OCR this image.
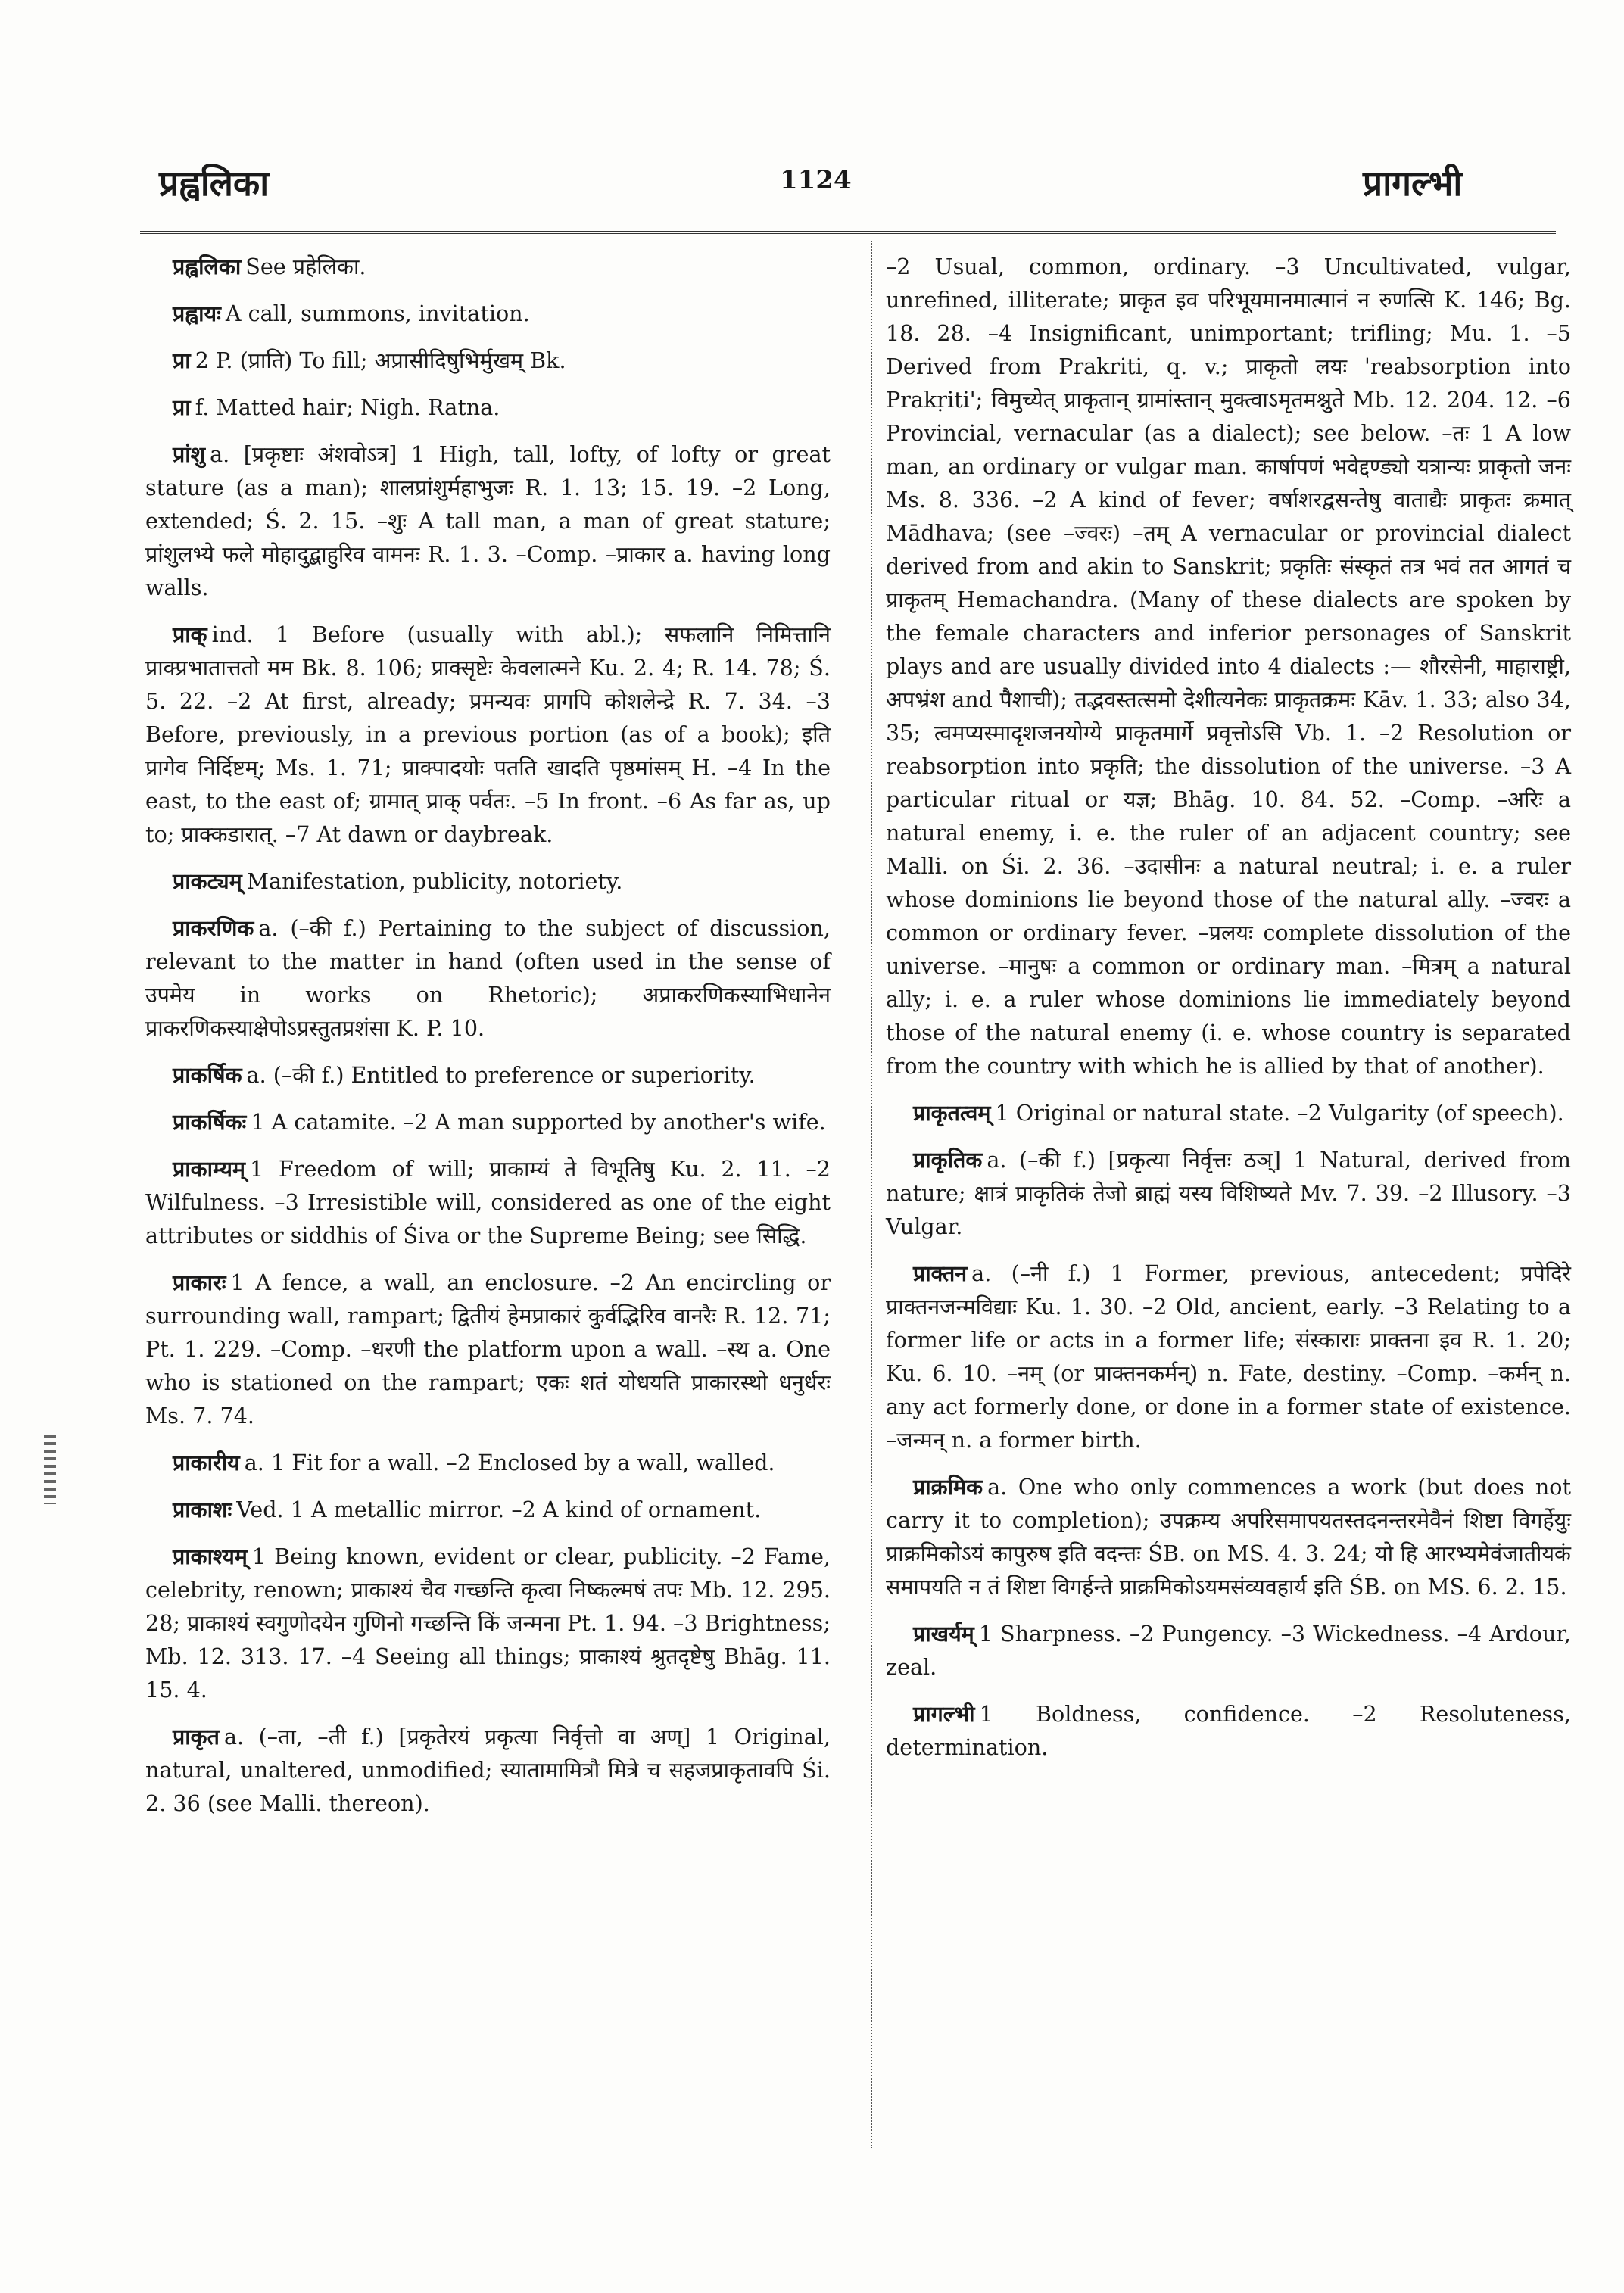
प्रह्वलिका	1124	प्रागल्भी

प्रह्वलिका See प्रहेलिका.

प्रह्वायः A call, summons, invitation.

प्रा 2 P. (प्राति) To fill; अप्रासीदिषुभिर्मुखम् Bk.

प्रा f. Matted hair; Nigh. Ratna.

प्रांशु a. [प्रकृष्टाः अंशवोऽत्र] 1 High, tall, lofty, of lofty or great stature (as a man); शालप्रांशुर्महाभुजः R. 1. 13; 15. 19. –2 Long, extended; Ś. 2. 15. –शुः A tall man, a man of great stature; प्रांशुलभ्ये फले मोहादुद्बाहुरिव वामनः R. 1. 3. –Comp. –प्राकार a. having long walls.

प्राक् ind. 1 Before (usually with abl.); सफलानि निमित्तानि प्राक्प्रभातात्ततो मम Bk. 8. 106; प्राक्सृष्टेः केवलात्मने Ku. 2. 4; R. 14. 78; Ś. 5. 22. –2 At first, already; प्रमन्यवः प्रागपि कोशलेन्द्रे R. 7. 34. –3 Before, previously, in a previous portion (as of a book); इति प्रागेव निर्दिष्टम्; Ms. 1. 71; प्राक्पादयोः पतति खादति पृष्ठमांसम् H. –4 In the east, to the east of; ग्रामात् प्राक् पर्वतः. –5 In front. –6 As far as, up to; प्राक्कडारात्. –7 At dawn or daybreak.

प्राकट्यम् Manifestation, publicity, notoriety.

प्राकरणिक a. (–की f.) Pertaining to the subject of discussion, relevant to the matter in hand (often used in the sense of उपमेय in works on Rhetoric); अप्राकरणिकस्याभिधानेन प्राकरणिकस्याक्षेपोऽप्रस्तुतप्रशंसा K. P. 10.

प्राकर्षिक a. (–की f.) Entitled to preference or superiority.

प्राकर्षिकः 1 A catamite. –2 A man supported by another's wife.

प्राकाम्यम् 1 Freedom of will; प्राकाम्यं ते विभूतिषु Ku. 2. 11. –2 Wilfulness. –3 Irresistible will, considered as one of the eight attributes or siddhis of Śiva or the Supreme Being; see सिद्धि.

प्राकारः 1 A fence, a wall, an enclosure. –2 An encircling or surrounding wall, rampart; द्वितीयं हेमप्राकारं कुर्वद्भिरिव वानरैः R. 12. 71; Pt. 1. 229. –Comp. –धरणी the platform upon a wall. –स्थ a. One who is stationed on the rampart; एकः शतं योधयति प्राकारस्थो धनुर्धरः Ms. 7. 74.

प्राकारीय a. 1 Fit for a wall. –2 Enclosed by a wall, walled.

प्राकाशः Ved. 1 A metallic mirror. –2 A kind of ornament.

प्राकाश्यम् 1 Being known, evident or clear, publicity. –2 Fame, celebrity, renown; प्राकाश्यं चैव गच्छन्ति कृत्वा निष्कल्मषं तपः Mb. 12. 295. 28; प्राकाश्यं स्वगुणोदयेन गुणिनो गच्छन्ति किं जन्मना Pt. 1. 94. –3 Brightness; Mb. 12. 313. 17. –4 Seeing all things; प्राकाश्यं श्रुतदृष्टेषु Bhāg. 11. 15. 4.

प्राकृत a. (–ता, –ती f.) [प्रकृतेरयं प्रकृत्या निर्वृत्तो वा अण्] 1 Original, natural, unaltered, unmodified; स्यातामामित्रौ मित्रे च सहजप्राकृतावपि Śi. 2. 36 (see Malli. thereon).

–2 Usual, common, ordinary. –3 Uncultivated, vulgar, unrefined, illiterate; प्राकृत इव परिभूयमानमात्मानं न रुणत्सि K. 146; Bg. 18. 28. –4 Insignificant, unimportant; trifling; Mu. 1. –5 Derived from Prakriti, q. v.; प्राकृतो लयः 'reabsorption into Prakṛiti'; विमुच्येत् प्राकृतान् ग्रामांस्तान् मुक्त्वाऽमृतमश्नुते Mb. 12. 204. 12. –6 Provincial, vernacular (as a dialect); see below. –तः 1 A low man, an ordinary or vulgar man. कार्षापणं भवेद्दण्ड्यो यत्रान्यः प्राकृतो जनः Ms. 8. 336. –2 A kind of fever; वर्षाशरद्वसन्तेषु वाताद्यैः प्राकृतः क्रमात् Mādhava; (see –ज्वरः) –तम् A vernacular or provincial dialect derived from and akin to Sanskrit; प्रकृतिः संस्कृतं तत्र भवं तत आगतं च प्राकृतम् Hemachandra. (Many of these dialects are spoken by the female characters and inferior personages of Sanskrit plays and are usually divided into 4 dialects :— शौरसेनी, माहाराष्ट्री, अपभ्रंश and पैशाची); तद्भवस्तत्समो देशीत्यनेकः प्राकृतक्रमः Kāv. 1. 33; also 34, 35; त्वमप्यस्मादृशजनयोग्ये प्राकृतमार्गे प्रवृत्तोऽसि Vb. 1. –2 Resolution or reabsorption into प्रकृति; the dissolution of the universe. –3 A particular ritual or यज्ञ; Bhāg. 10. 84. 52. –Comp. –अरिः a natural enemy, i. e. the ruler of an adjacent country; see Malli. on Śi. 2. 36. –उदासीनः a natural neutral; i. e. a ruler whose dominions lie beyond those of the natural ally. –ज्वरः a common or ordinary fever. –प्रलयः complete dissolution of the universe. –मानुषः a common or ordinary man. –मित्रम् a natural ally; i. e. a ruler whose dominions lie immediately beyond those of the natural enemy (i. e. whose country is separated from the country with which he is allied by that of another).

प्राकृतत्वम् 1 Original or natural state. –2 Vulgarity (of speech).

प्राकृतिक a. (–की f.) [प्रकृत्या निर्वृत्तः ठञ्] 1 Natural, derived from nature; क्षात्रं प्राकृतिकं तेजो ब्राह्मं यस्य विशिष्यते Mv. 7. 39. –2 Illusory. –3 Vulgar.

प्राक्तन a. (–नी f.) 1 Former, previous, antecedent; प्रपेदिरे प्राक्तनजन्मविद्याः Ku. 1. 30. –2 Old, ancient, early. –3 Relating to a former life or acts in a former life; संस्काराः प्राक्तना इव R. 1. 20; Ku. 6. 10. –नम् (or प्राक्तनकर्मन्) n. Fate, destiny. –Comp. –कर्मन् n. any act formerly done, or done in a former state of existence. –जन्मन् n. a former birth.

प्राक्रमिक a. One who only commences a work (but does not carry it to completion); उपक्रम्य अपरिसमापयतस्तदनन्तरमेवैनं शिष्टा विगर्हेयुः प्राक्रमिकोऽयं कापुरुष इति वदन्तः ŚB. on MS. 4. 3. 24; यो हि आरभ्यमेवंजातीयकं समापयति न तं शिष्टा विगर्हन्ते प्राक्रमिकोऽयमसंव्यवहार्य इति ŚB. on MS. 6. 2. 15.

प्राखर्यम् 1 Sharpness. –2 Pungency. –3 Wickedness. –4 Ardour, zeal.

प्रागल्भी 1 Boldness, confidence. –2 Resoluteness, determination.
